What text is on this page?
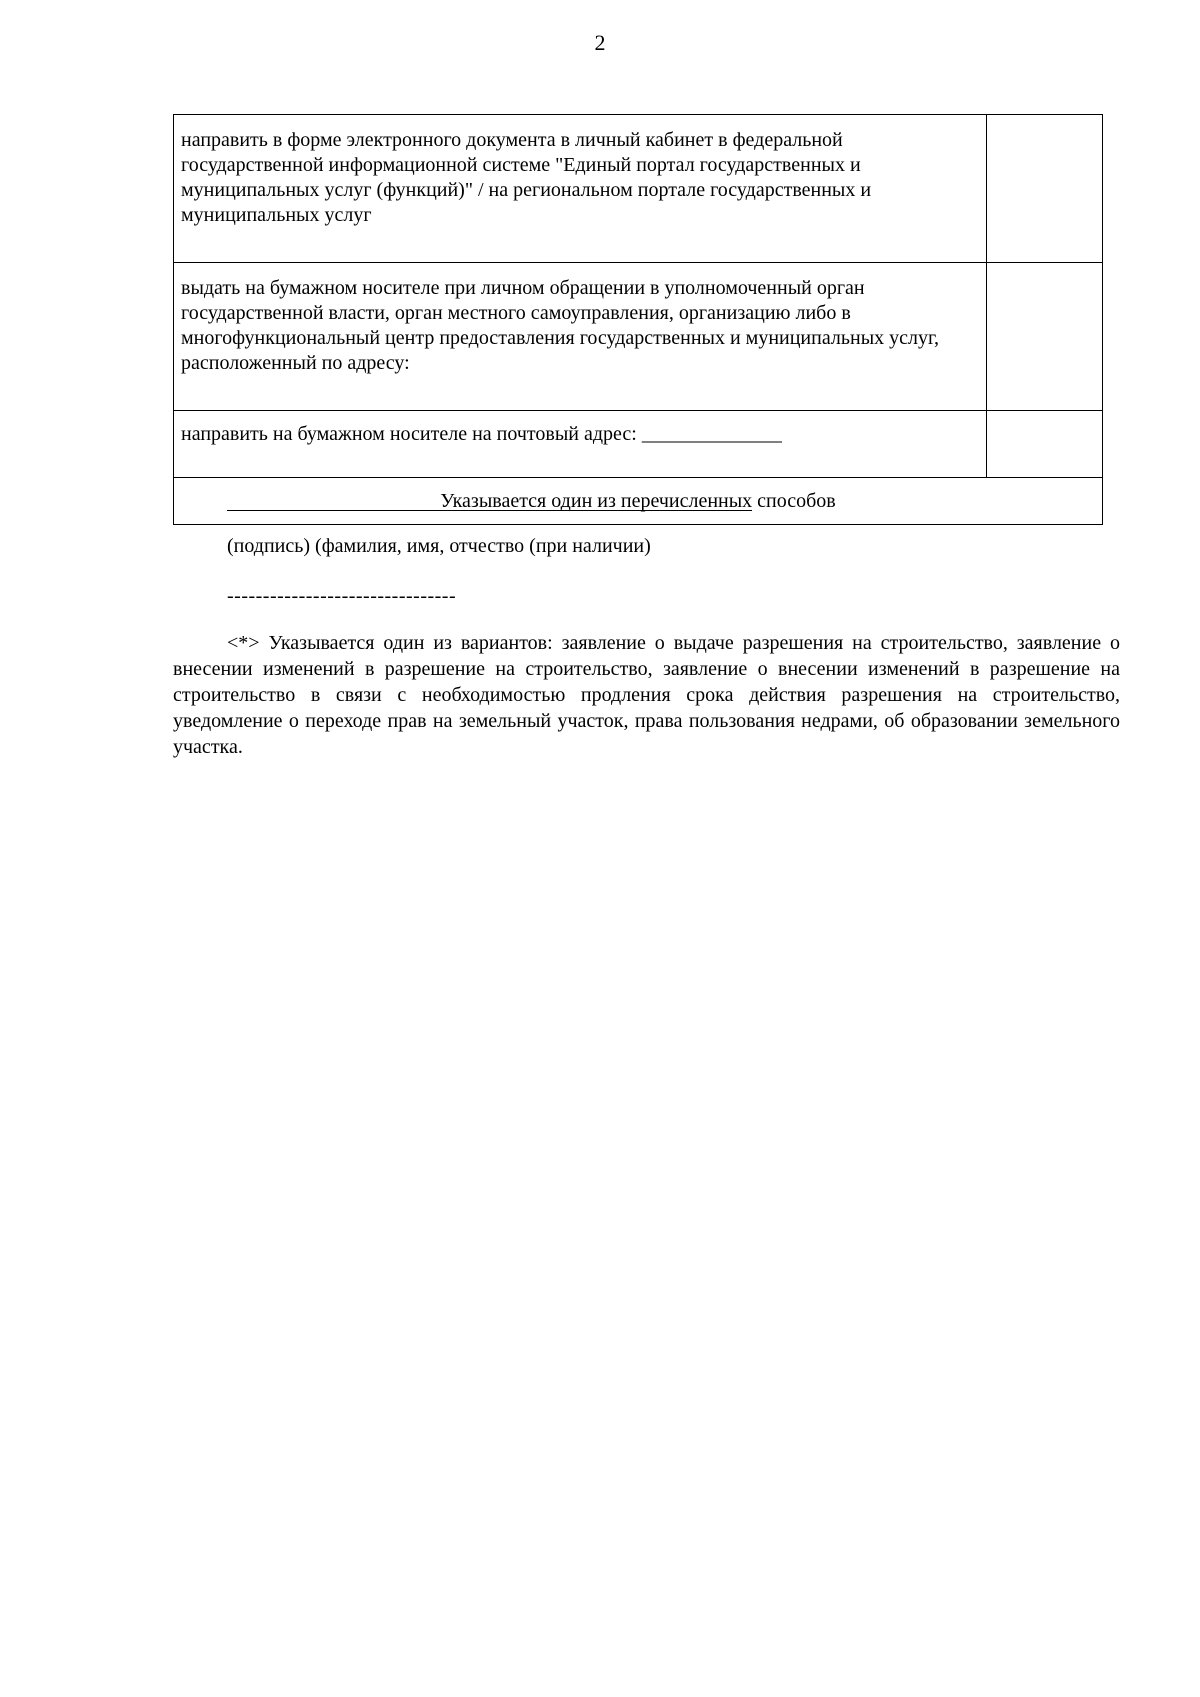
2
направить в форме электронного документа в личный кабинет в федеральной государственной информационной системе "Единый портал государственных и муниципальных услуг (функций)" / на региональном портале государственных и муниципальных услуг	
выдать на бумажном носителе при личном обращении в уполномоченный орган государственной власти, орган местного самоуправления, организацию либо в многофункциональный центр предоставления государственных и муниципальных услуг, расположенный по адресу:	
направить на бумажном носителе на почтовый адрес: ______________	
Указывается один из перечисленных способов	
(подпись) (фамилия, имя, отчество (при наличии)
--------------------------------

<*> Указывается один из вариантов: заявление о выдаче разрешения на строительство, заявление о внесении изменений в разрешение на строительство, заявление о внесении изменений в разрешение на строительство в связи с необходимостью продления срока действия разрешения на строительство, уведомление о переходе прав на земельный участок, права пользования недрами, об образовании земельного участка.
